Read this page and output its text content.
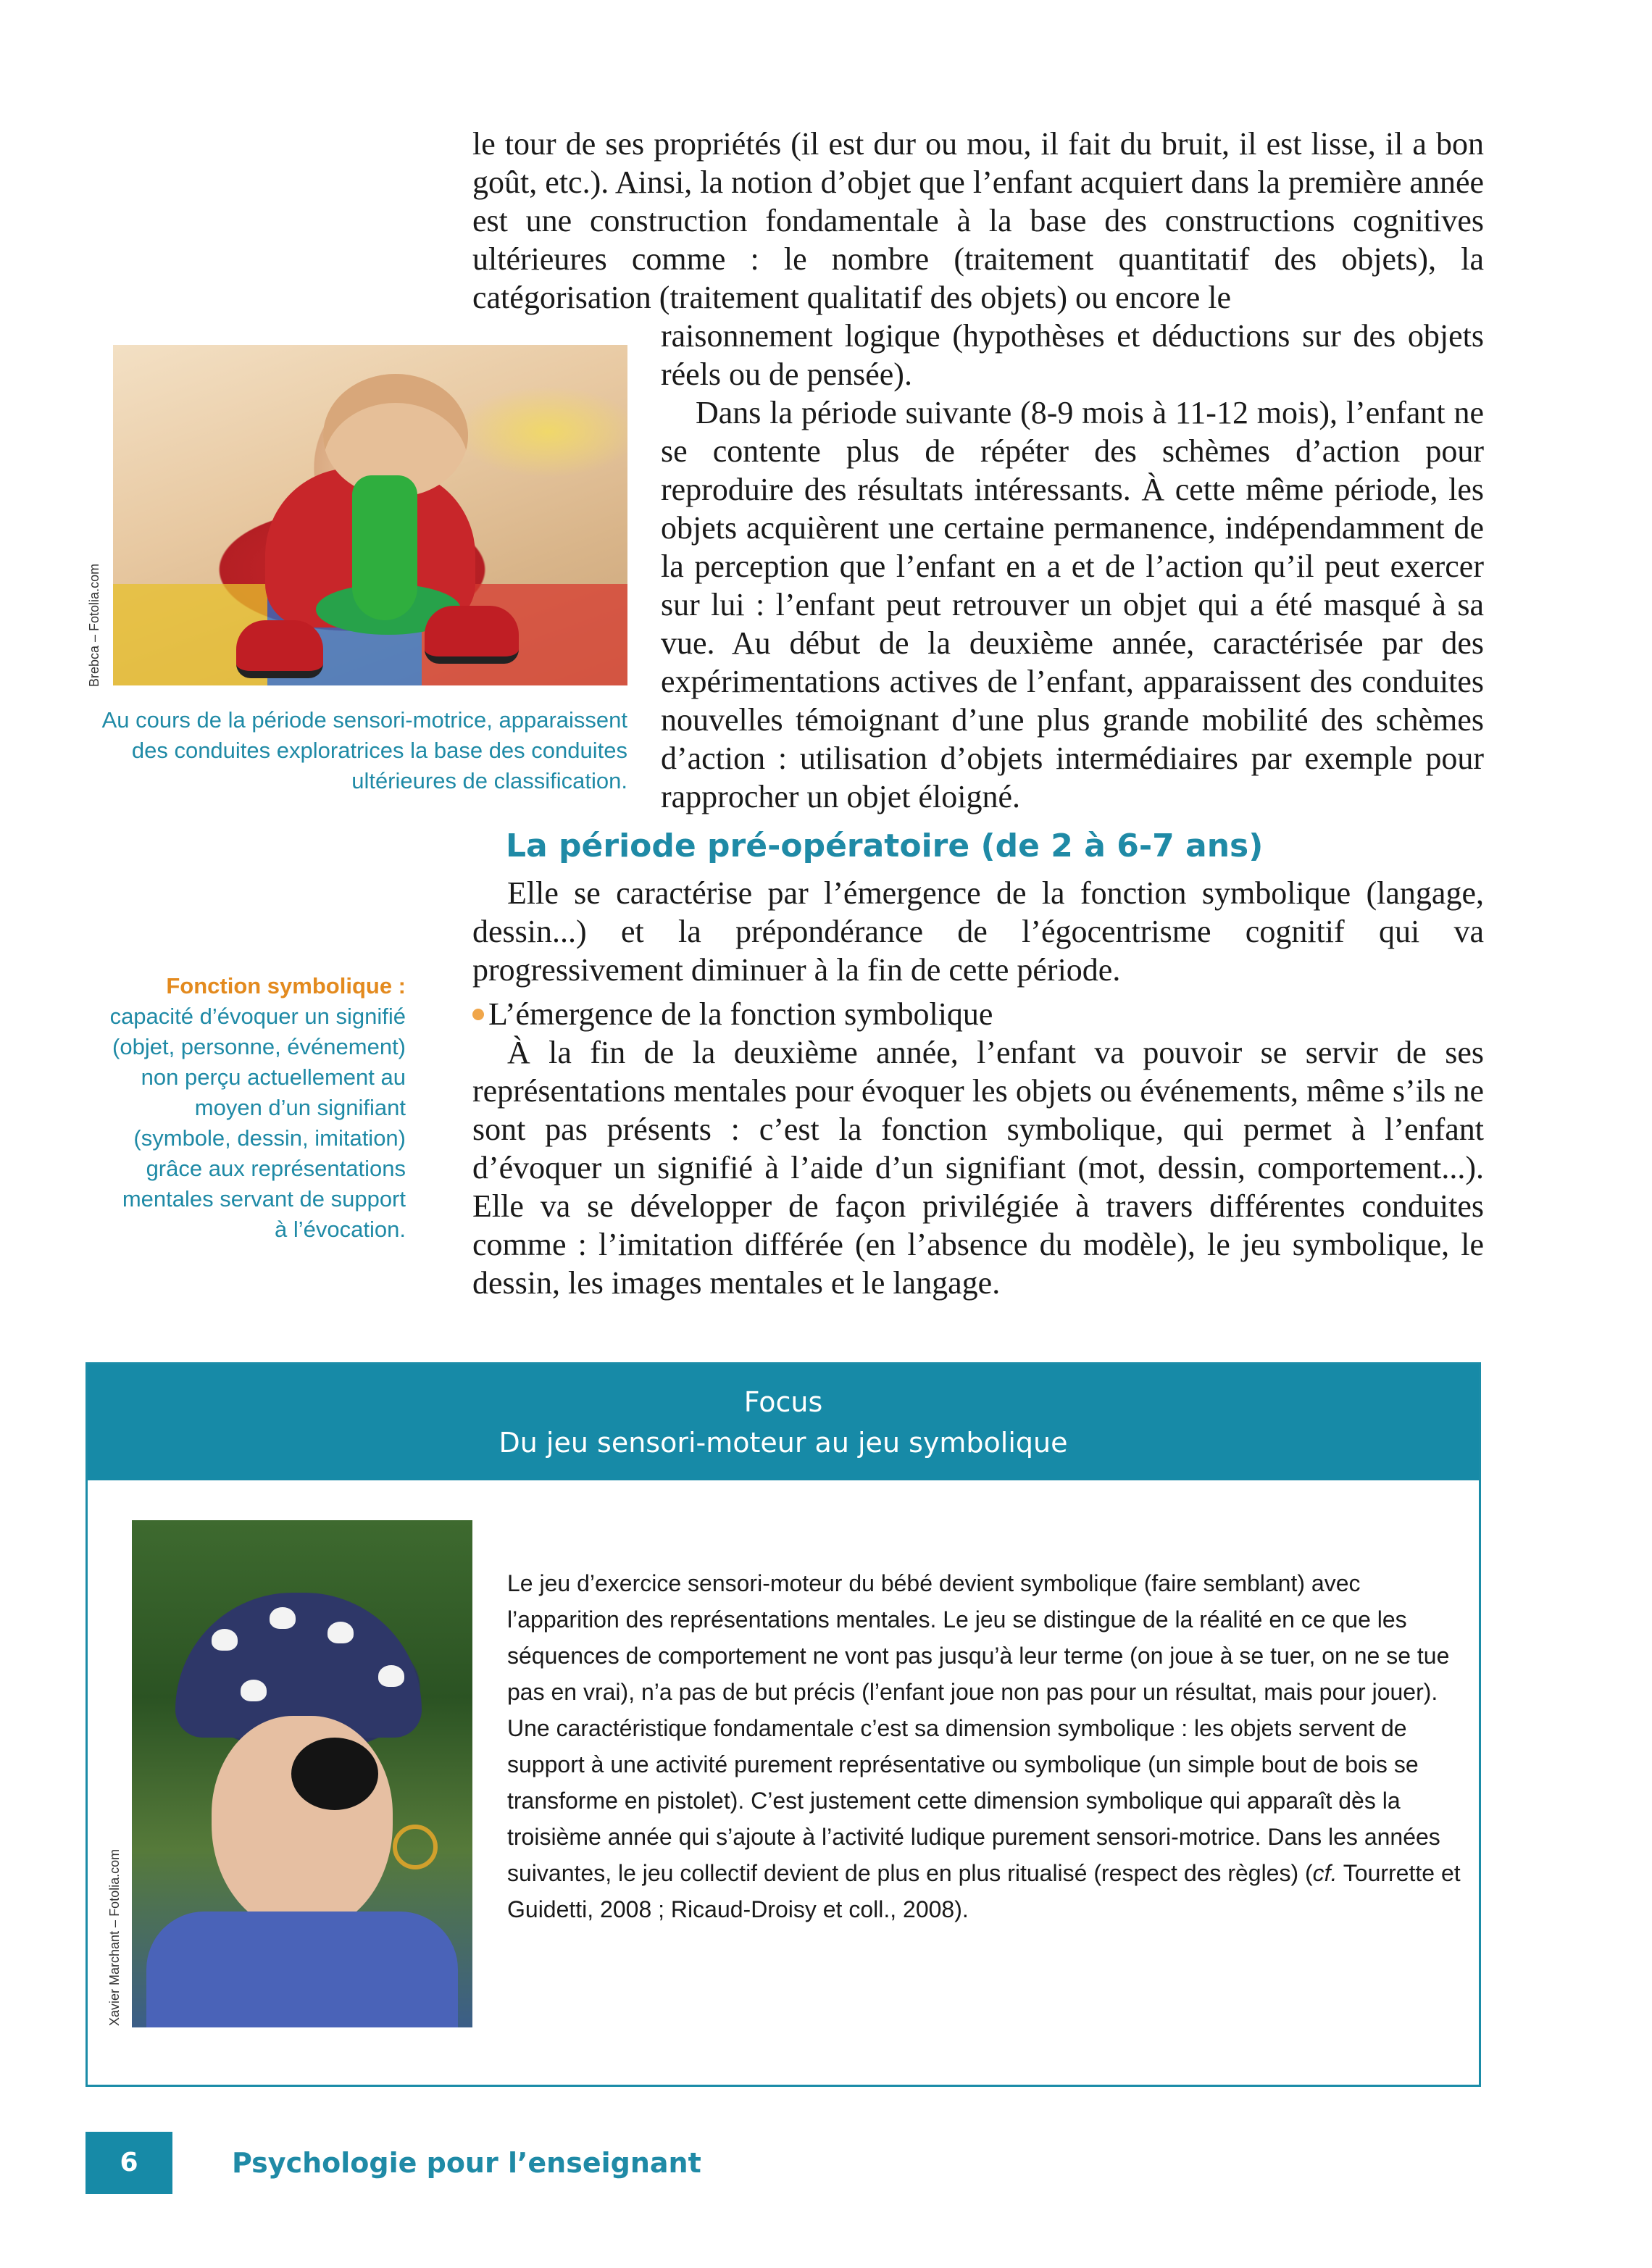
le tour de ses propriétés (il est dur ou mou, il fait du bruit, il est lisse, il a bon goût, etc.). Ainsi, la notion d’objet que l’enfant acquiert dans la première année est une construction fondamentale à la base des constructions cognitives ultérieures comme : le nombre (traitement quantitatif des objets), la catégorisation (traitement qualitatif des objets) ou encore le

raisonnement logique (hypothèses et déductions sur des objets réels ou de pensée).

Dans la période suivante (8-9 mois à 11-12 mois), l’enfant ne se contente plus de répéter des schèmes d’action pour reproduire des résultats intéressants. À cette même période, les objets acquièrent une certaine permanence, indépendamment de la perception que l’enfant en a et de l’action qu’il peut exercer sur lui : l’enfant peut retrouver un objet qui a été masqué à sa vue. Au début de la deuxième année, caractérisée par des expérimentations actives de l’enfant, apparaissent des conduites nouvelles témoignant d’une plus grande mobilité des schèmes d’action : utilisation d’objets intermédiaires par exemple pour rapprocher un objet éloigné.

Brebca – Fotolia.com
Au cours de la période sensori-motrice, apparaissent des conduites exploratrices la base des conduites ultérieures de classification.
La période pré-opératoire (de 2 à 6-7 ans)

Elle se caractérise par l’émergence de la fonction symbolique (langage, dessin...) et la prépondérance de l’égocentrisme cognitif qui va progressivement diminuer à la fin de cette période.

L’émergence de la fonction symbolique

À la fin de la deuxième année, l’enfant va pouvoir se servir de ses représentations mentales pour évoquer les objets ou événements, même s’ils ne sont pas présents : c’est la fonction symbolique, qui permet à l’enfant d’évoquer un signifié à l’aide d’un signifiant (mot, dessin, comportement...). Elle va se développer de façon privilégiée à travers différentes conduites comme : l’imitation différée (en l’absence du modèle), le jeu symbolique, le dessin, les images mentales et le langage.

Fonction symbolique :
capacité d’évoquer un signifié (objet, personne, événement) non perçu actuellement au moyen d’un signifiant (symbole, dessin, imitation) grâce aux représentations mentales servant de support à l’évocation.
Focus
Du jeu sensori-moteur au jeu symbolique
Xavier Marchant – Fotolia.com

Le jeu d’exercice sensori-moteur du bébé devient symbolique (faire semblant) avec l’apparition des représentations mentales. Le jeu se distingue de la réalité en ce que les séquences de comportement ne vont pas jusqu’à leur terme (on joue à se tuer, on ne se tue pas en vrai), n’a pas de but précis (l’enfant joue non pas pour un résultat, mais pour jouer). Une caractéristique fondamentale c’est sa dimension symbolique : les objets servent de support à une activité purement représentative ou symbolique (un simple bout de bois se transforme en pistolet). C’est justement cette dimension symbolique qui apparaît dès la troisième année qui s’ajoute à l’activité ludique purement sensori-motrice. Dans les années suivantes, le jeu collectif devient de plus en plus ritualisé (respect des règles) (cf. Tourrette et Guidetti, 2008 ; Ricaud-Droisy et coll., 2008).

6	Psychologie pour l’enseignant
